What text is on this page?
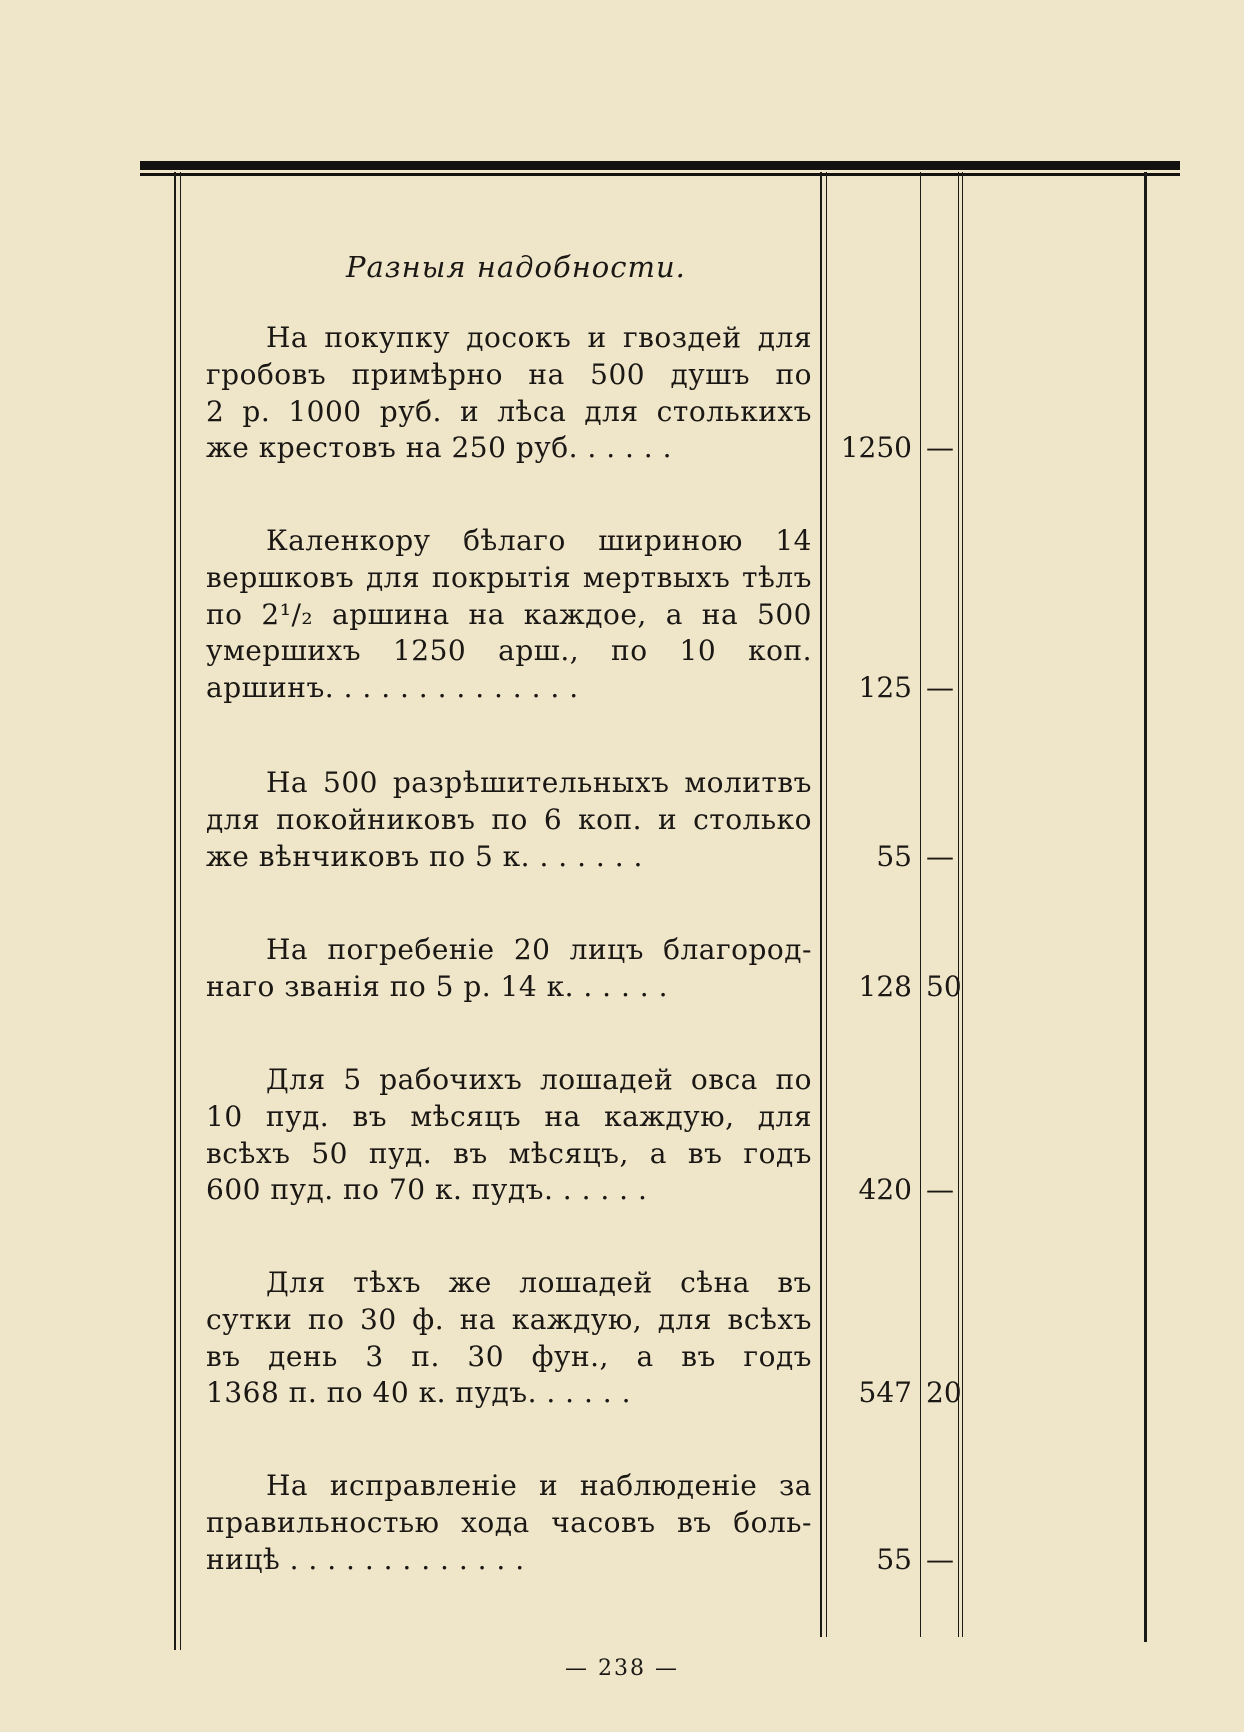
Разныя надобности.
На покупку досокъ и гвоздей для
гробовъ примѣрно на 500 душъ по
2 р. 1000 руб. и лѣса для столькихъ
же крестовъ на 250 руб. . . . . .	1250 —
Каленкору бѣлаго шириною 14
вершковъ для покрытія мертвыхъ тѣлъ
по 2¹/₂ аршина на каждое, а на 500
умершихъ 1250 арш., по 10 коп.
аршинъ. . . . . . . . . . . . . .	125 —
На 500 разрѣшительныхъ молитвъ
для покойниковъ по 6 коп. и столько
же вѣнчиковъ по 5 к. . . . . . .	55 —
На погребеніе 20 лицъ благород-
наго званія по 5 р. 14 к. . . . . .	128 50
Для 5 рабочихъ лошадей овса по
10 пуд. въ мѣсяцъ на каждую, для
всѣхъ 50 пуд. въ мѣсяцъ, а въ годъ
600 пуд. по 70 к. пудъ. . . . . .	420 —
Для тѣхъ же лошадей сѣна въ
сутки по 30 ф. на каждую, для всѣхъ
въ день 3 п. 30 фун., а въ годъ
1368 п. по 40 к. пудъ. . . . . .	547 20
На исправленіе и наблюденіе за
правильностью хода часовъ въ боль-
ницѣ . . . . . . . . . . . . .	55 —
— 238 —
